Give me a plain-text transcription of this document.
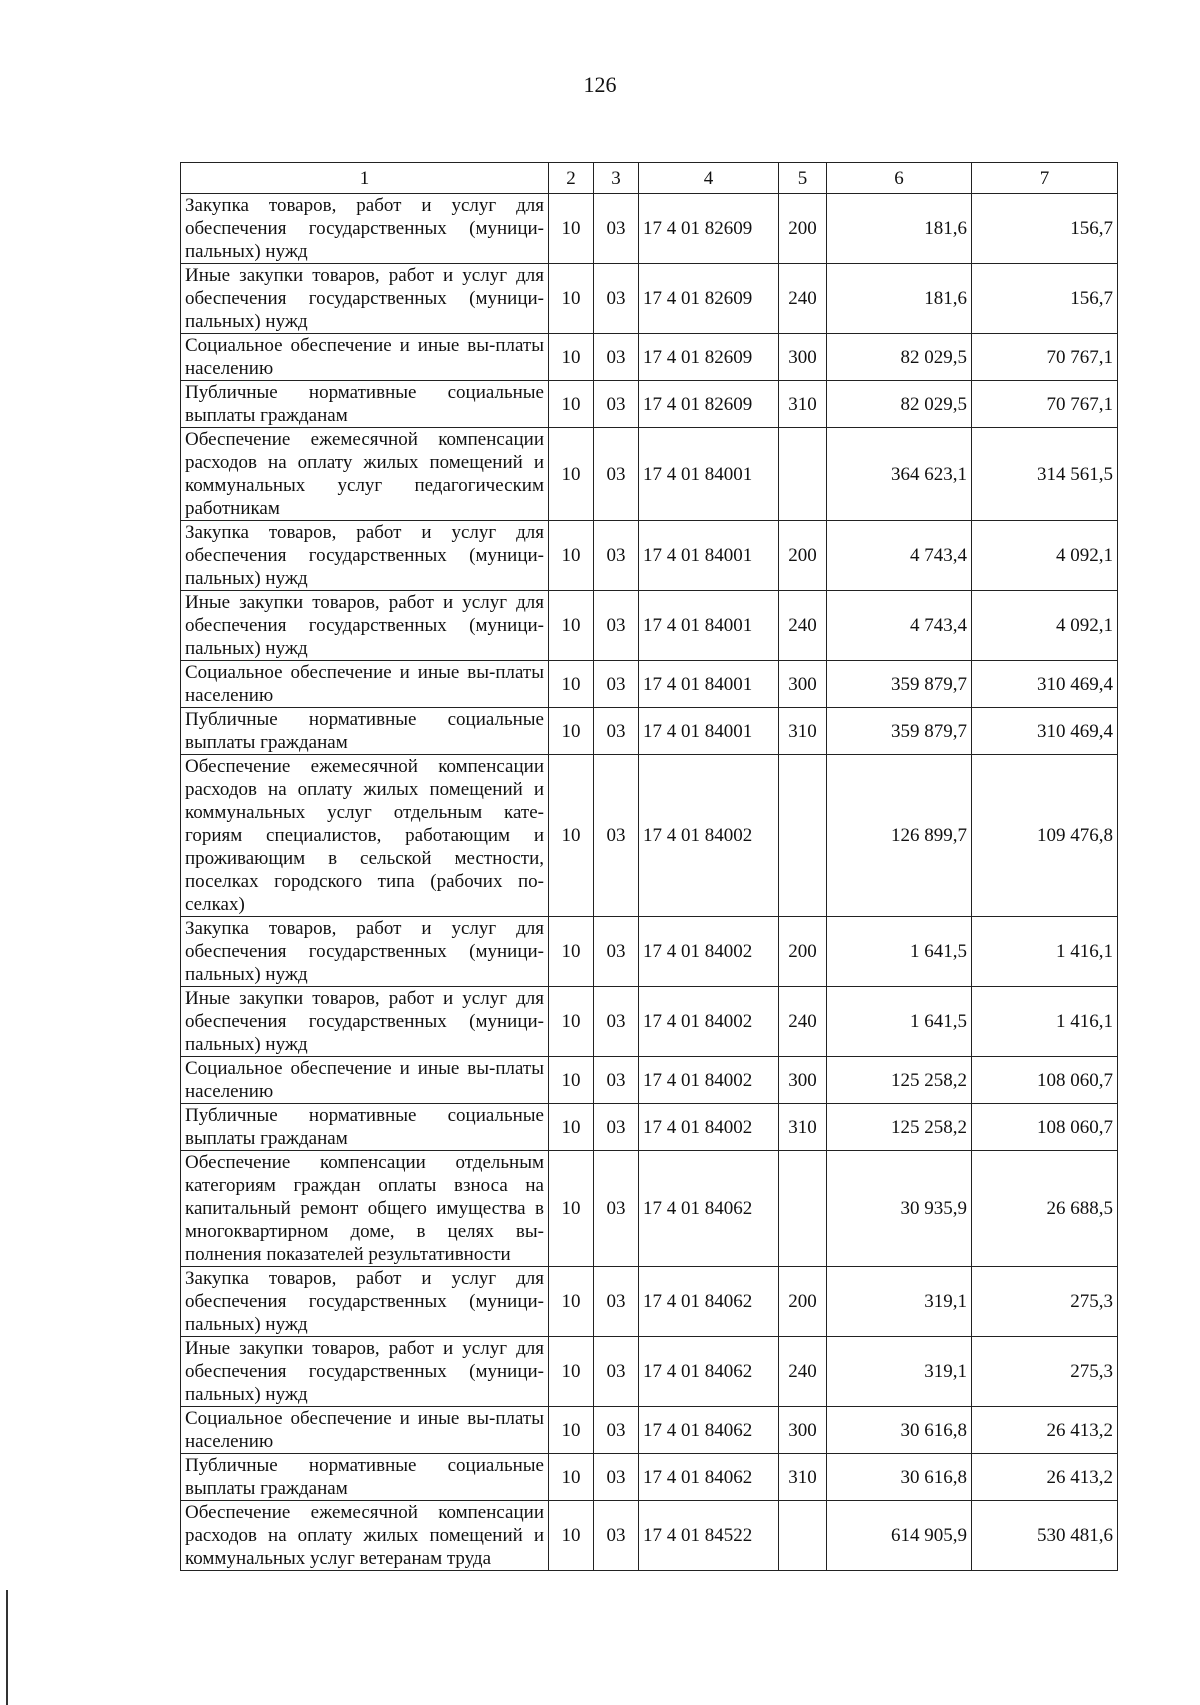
126
1	2	3	4	5	6	7
Закупка товаров, работ и услуг для обеспечения государственных (муници-пальных) нужд	10	03	17 4 01 82609	200	181,6	156,7
Иные закупки товаров, работ и услуг для обеспечения государственных (муници-пальных) нужд	10	03	17 4 01 82609	240	181,6	156,7
Социальное обеспечение и иные вы-платы населению	10	03	17 4 01 82609	300	82 029,5	70 767,1
Публичные нормативные социальные выплаты гражданам	10	03	17 4 01 82609	310	82 029,5	70 767,1
Обеспечение ежемесячной компенсации расходов на оплату жилых помещений и коммунальных услуг педагогическим работникам	10	03	17 4 01 84001		364 623,1	314 561,5
Закупка товаров, работ и услуг для обеспечения государственных (муници-пальных) нужд	10	03	17 4 01 84001	200	4 743,4	4 092,1
Иные закупки товаров, работ и услуг для обеспечения государственных (муници-пальных) нужд	10	03	17 4 01 84001	240	4 743,4	4 092,1
Социальное обеспечение и иные вы-платы населению	10	03	17 4 01 84001	300	359 879,7	310 469,4
Публичные нормативные социальные выплаты гражданам	10	03	17 4 01 84001	310	359 879,7	310 469,4
Обеспечение ежемесячной компенсации расходов на оплату жилых помещений и коммунальных услуг отдельным кате-гориям специалистов, работающим и проживающим в сельской местности, поселках городского типа (рабочих по-селках)	10	03	17 4 01 84002		126 899,7	109 476,8
Закупка товаров, работ и услуг для обеспечения государственных (муници-пальных) нужд	10	03	17 4 01 84002	200	1 641,5	1 416,1
Иные закупки товаров, работ и услуг для обеспечения государственных (муници-пальных) нужд	10	03	17 4 01 84002	240	1 641,5	1 416,1
Социальное обеспечение и иные вы-платы населению	10	03	17 4 01 84002	300	125 258,2	108 060,7
Публичные нормативные социальные выплаты гражданам	10	03	17 4 01 84002	310	125 258,2	108 060,7
Обеспечение компенсации отдельным категориям граждан оплаты взноса на капитальный ремонт общего имущества в многоквартирном доме, в целях вы-полнения показателей результативности	10	03	17 4 01 84062		30 935,9	26 688,5
Закупка товаров, работ и услуг для обеспечения государственных (муници-пальных) нужд	10	03	17 4 01 84062	200	319,1	275,3
Иные закупки товаров, работ и услуг для обеспечения государственных (муници-пальных) нужд	10	03	17 4 01 84062	240	319,1	275,3
Социальное обеспечение и иные вы-платы населению	10	03	17 4 01 84062	300	30 616,8	26 413,2
Публичные нормативные социальные выплаты гражданам	10	03	17 4 01 84062	310	30 616,8	26 413,2
Обеспечение ежемесячной компенсации расходов на оплату жилых помещений и коммунальных услуг ветеранам труда	10	03	17 4 01 84522		614 905,9	530 481,6
